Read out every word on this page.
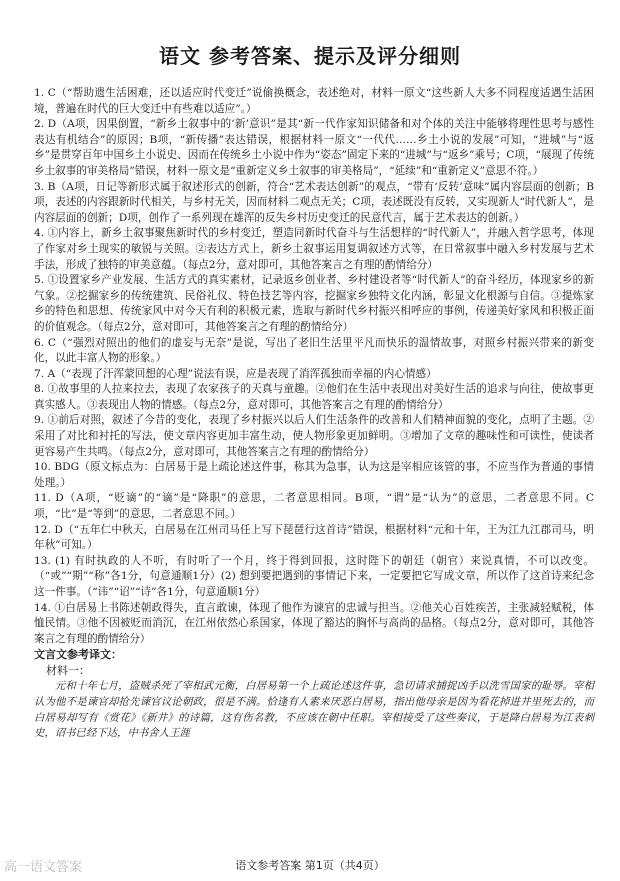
语文 参考答案、提示及评分细则

1. C（“帮助遗生活困难，还以适应时代变迁”说偷换概念，表述绝对，材料一原文“这些新人大多不同程度适遇生活困境，普遍在时代的巨大变迁中有些难以适应”。）

2. D（A项，因果倒置，“新乡土叙事中的‘新’意识”是其“新一代作家知识储备和对个体的关注中能够将理性思考与感性表达有机结合”的原因；B项，“新传播”表达错误，根据材料一原文“一代代……乡土小说的发展”可知，“进城”与“返乡”是贯穿百年中国乡土小说史、因而在传统乡土小说中作为“姿态”固定下来的“进城”与“返乡”乘号；C项，“展现了传统乡土叙事的审美格局”错误，材料一原文是“重新定义乡土叙事的审美格局”，“延续”和“重新定义”意思不符。）

3. B（A项，日记等新形式属于叙述形式的创新，符合“艺术表达创新”的观点，“带有‘反转’意味”属内容层面的创新；B项，表述的内容跟新时代相关，与乡村无关，因而材料二观点无关；C项，表述既没有反转，又实现新人“时代新人”，是内容层面的创新；D项，创作了一系列现在雄浑的反失乡村历史变迁的民意代言，属于艺术表达的创新。）

4. ①内容上，新乡土叙事聚焦新时代的乡村变迁，塑造同新时代奋斗与生活想样的“时代新人”，并融入哲学思考，体现了作家对乡土现实的敏锐与关照。②表达方式上，新乡土叙事运用复调叙述方式等，在日常叙事中融入乡村发展与艺术手法，形成了独特的审美意蕴。（每点2分，意对即可，其他答案言之有理的酌情给分）

5. ①设置家乡产业发展、生活方式的真实素材，记录返乡创业者、乡村建设者等“时代新人”的奋斗经历，体现家乡的新气象。②挖掘家乡的传统建筑、民俗礼仪、特色技艺等内容，挖掘家乡独特文化内涵，彰显文化根源与自信。③提炼家乡的特色和思想、传统家风中对今天有利的积极元素，选取与新时代乡村振兴相呼应的事例，传递美好家风和积极正面的价值观念。（每点2分，意对即可，其他答案言之有理的酌情给分）

6. C（“强烈对照出的他们的虚妄与无奈”是说，写出了老旧生活里平凡而快乐的温情故事，对照乡村振兴带来的新变化，以此丰富人物的形象。）

7. A（“表现了汗浑蒙回想的心理”说法有误，应是表现了消浑孤独而幸福的内心情感）

8. ①故事里的人拉来拉去，表现了农家孩子的天真与童趣。②他们在生活中表现出对美好生活的追求与向往，使故事更真实感人。③表现出人物的情感。（每点2分，意对即可，其他答案言之有理的酌情给分）

9. ①前后对照，叙述了今昔的变化，表现了乡村振兴以后人们生活条件的改善和人们精神面貌的变化，点明了主题。②采用了对比和衬托的写法，使文章内容更加丰富生动，使人物形象更加鲜明。③增加了文章的趣味性和可读性，使读者更容易产生共鸣。（每点2分，意对即可，其他答案言之有理的酌情给分）

10. BDG（原文标点为：白居易于是上疏论述这件事，称其为急事，认为这是宰相应该管的事，不应当作为普通的事情处理。）

11. D（A项，“贬谪”的“谪”是“降职”的意思，二者意思相同。B项，“谓”是“认为”的意思，二者意思不同。C项，“比”是“等到”的意思，二者意思不同。）

12. D（“五年仁中秋天，白居易在江州司马任上写下琵琶行这首诗”错误，根据材料“元和十年，王为江九江郡司马，明年秋”可知。）

13. (1) 有时执政的人不听，有时听了一个月，终于得到回报，这时陛下的朝廷（朝官）来说真情，不可以改变。（“或”“期”“称”各1分，句意通顺1分）(2) 想到要把遇到的事情记下来，一定要把它写成文章，所以作了这首诗来纪念这一件事。（“讳”“诏”“诗”各1分，句意通顺1分）

14. ①白居易上书陈述朝政得失，直言敢谏，体现了他作为谏官的忠诚与担当。②他关心百姓疾苦，主张减轻赋税，体恤民情。③他不因被贬而消沉，在江州依然心系国家，体现了豁达的胸怀与高尚的品格。（每点2分，意对即可，其他答案言之有理的酌情给分）

文言文参考译文：

材料一：

元和十年七月，盗贼杀死了宰相武元衡，白居易第一个上疏论述这件事，急切请求捕捉凶手以洗雪国家的耻辱。宰相认为他不是谏官却抢先谏官议论朝政，很是不满。恰逢有人素来厌恶白居易，指出他母亲是因为看花掉进井里死去的，而白居易却写有《赏花》《新井》的诗篇，这有伤名教，不应该在朝中任职。宰相接受了这些奏议，于是降白居易为江表刺史，诏书已经下达，中书舍人王涯

语文参考答案 第1页（共4页）
高一语文答案
